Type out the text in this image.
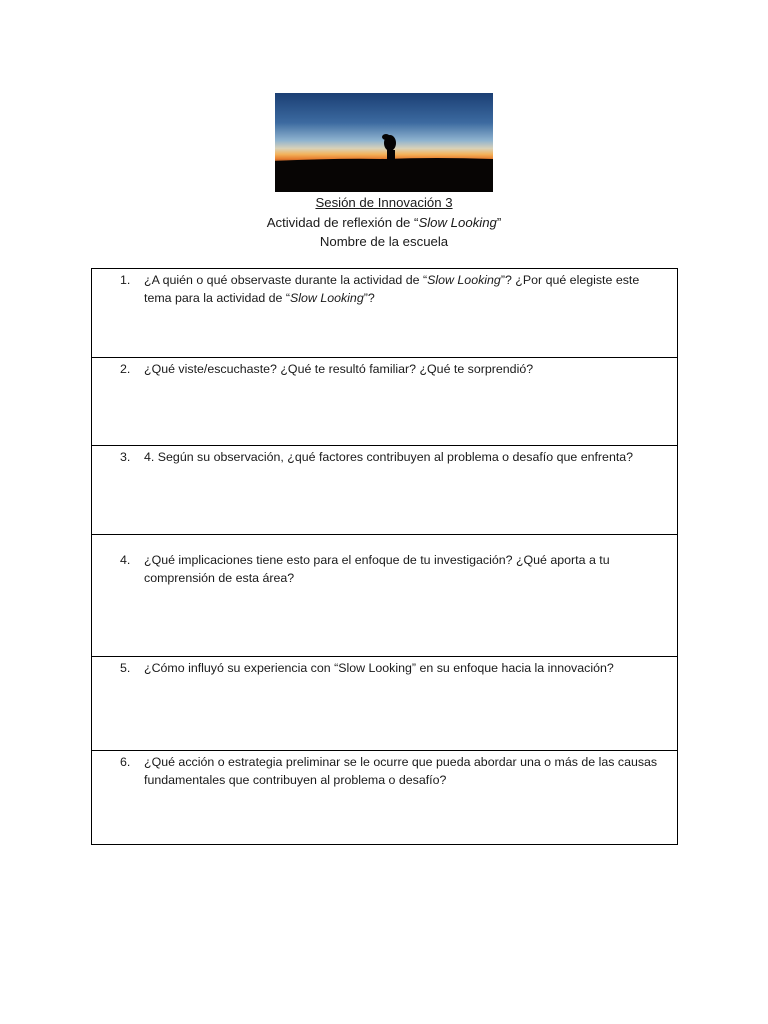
Sesión de Innovación 3
Actividad de reflexión de “Slow Looking”
Nombre de la escuela
1. ¿A quién o qué observaste durante la actividad de “Slow Looking”? ¿Por qué elegiste este tema para la actividad de “Slow Looking”?
2. ¿Qué viste/escuchaste? ¿Qué te resultó familiar? ¿Qué te sorprendió?
3. 4. Según su observación, ¿qué factores contribuyen al problema o desafío que enfrenta?
4. ¿Qué implicaciones tiene esto para el enfoque de tu investigación? ¿Qué aporta a tu comprensión de esta área?
5. ¿Cómo influyó su experiencia con “Slow Looking” en su enfoque hacia la innovación?
6. ¿Qué acción o estrategia preliminar se le ocurre que pueda abordar una o más de las causas fundamentales que contribuyen al problema o desafío?
